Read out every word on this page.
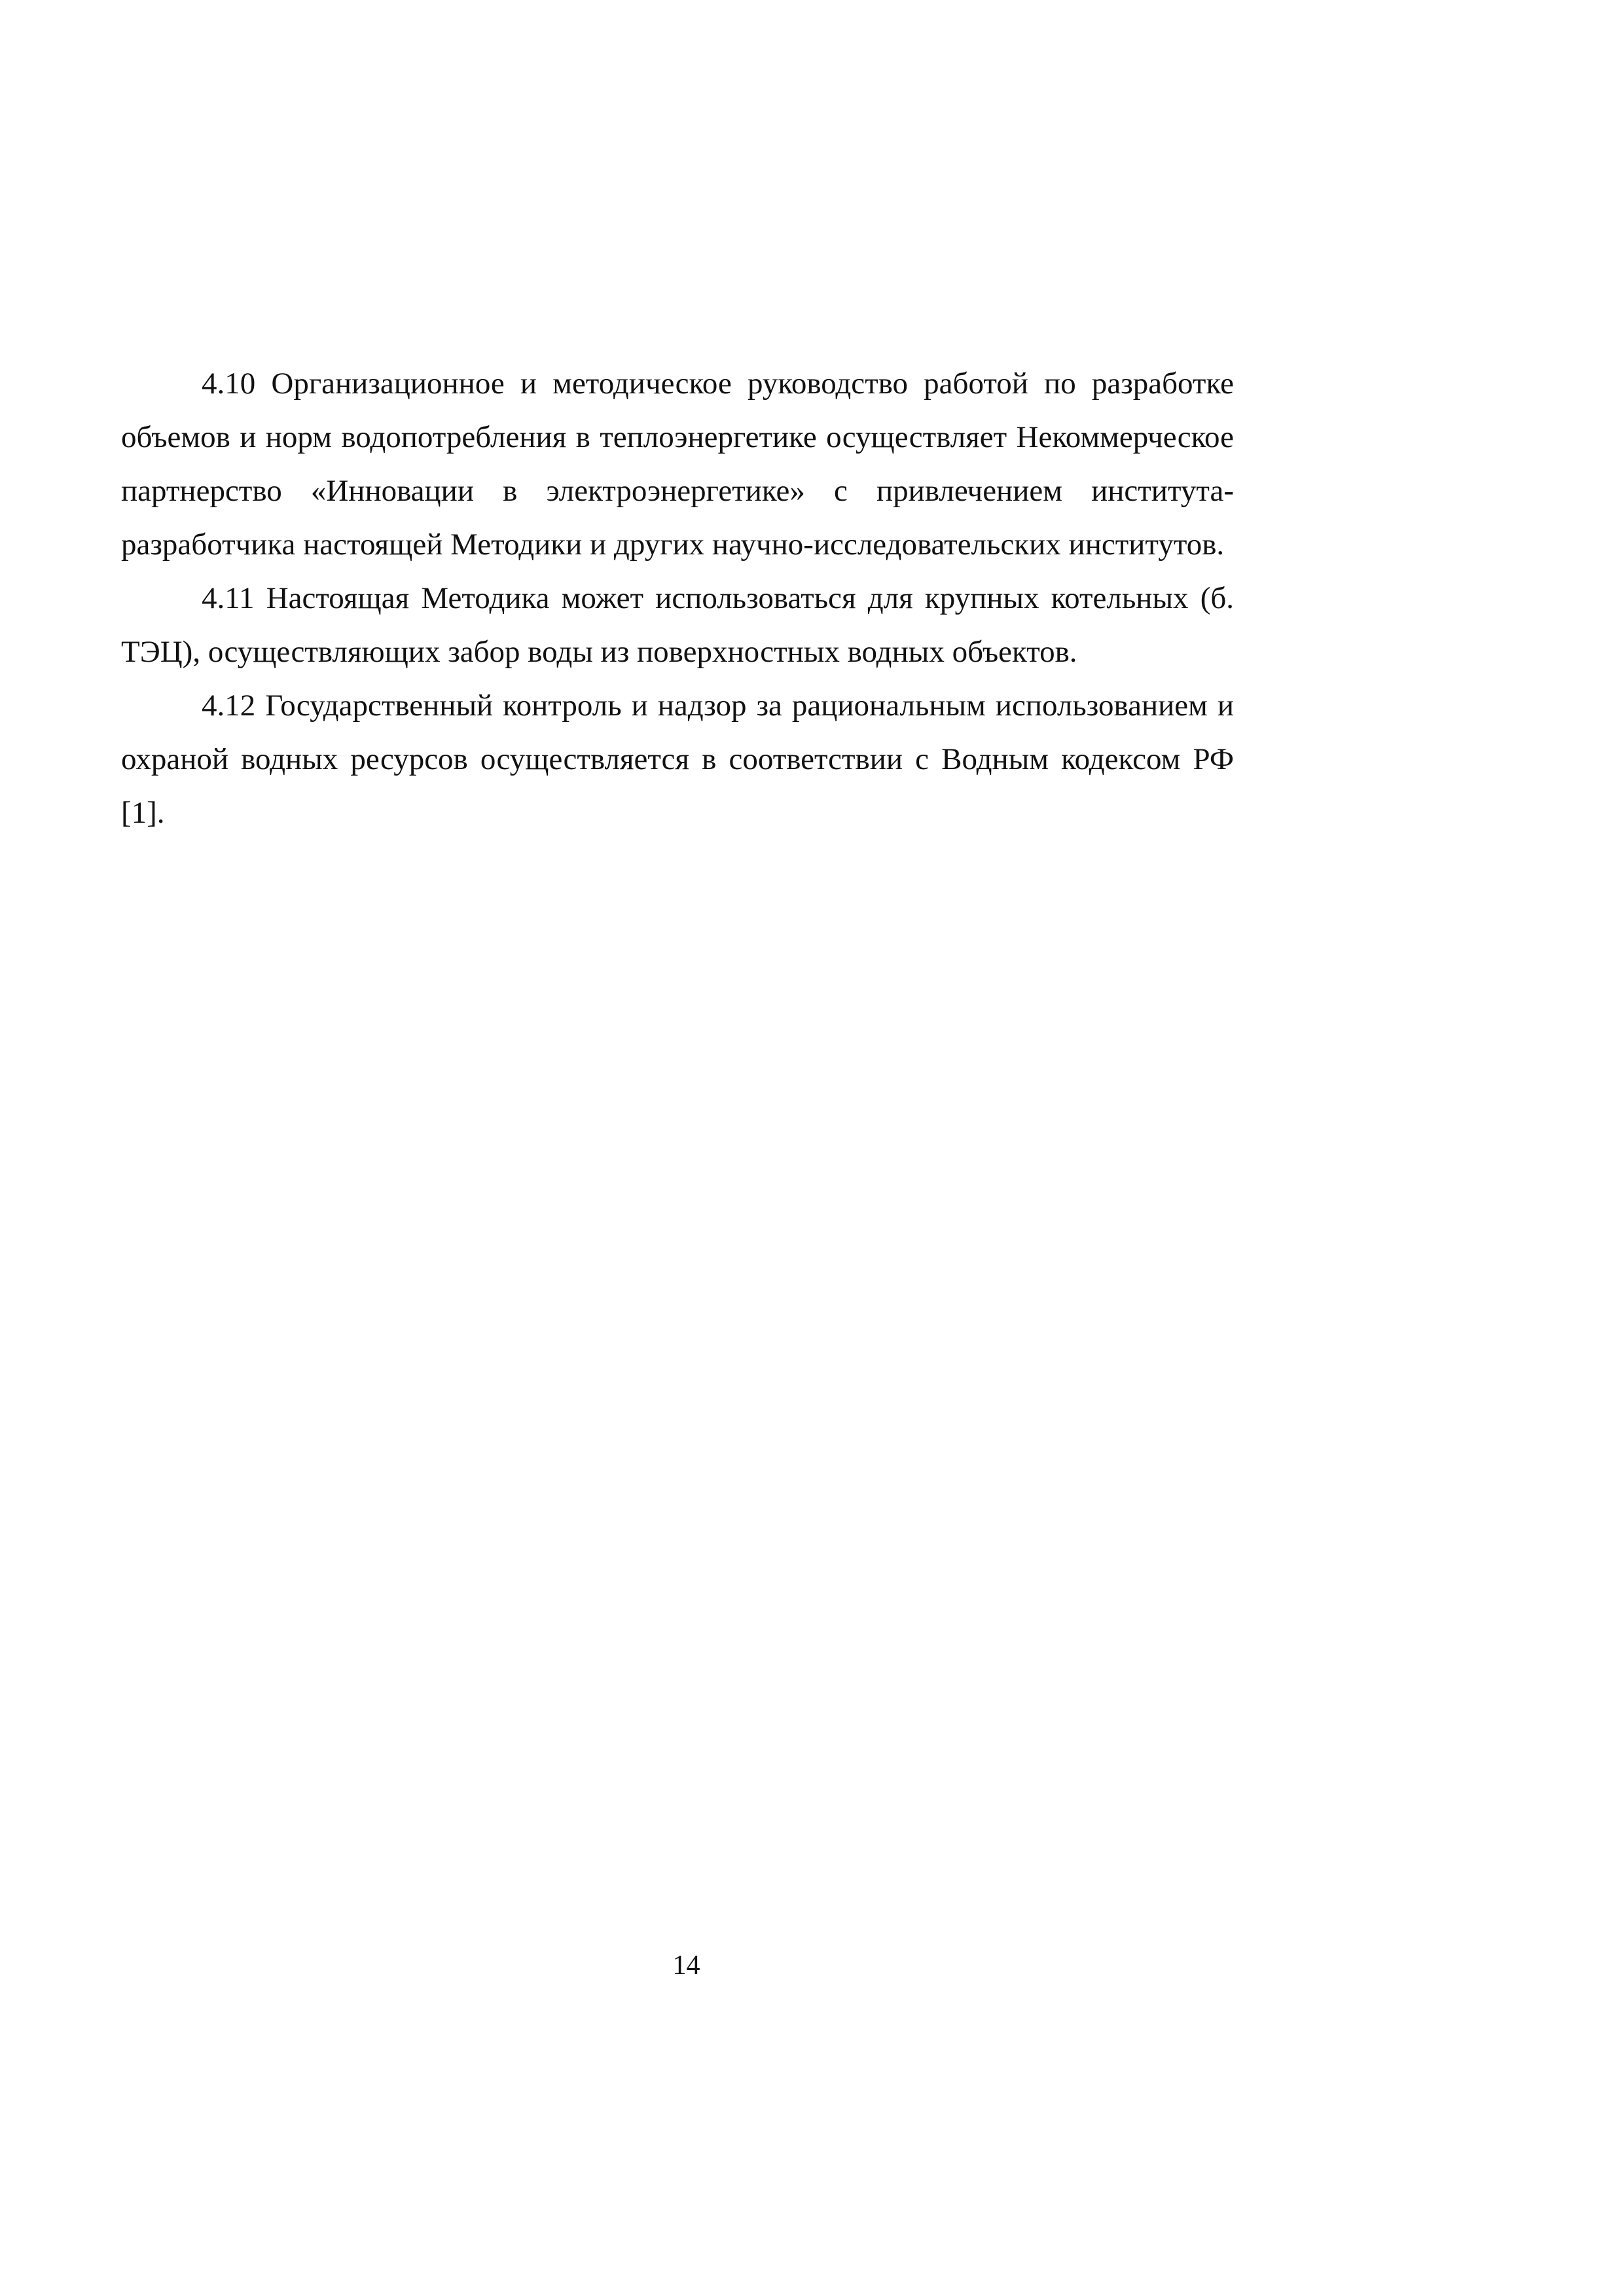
4.10 Организационное и методическое руководство работой по разработке объемов и норм водопотребления в теплоэнергетике осуществляет Некоммерческое партнерство «Инновации в электроэнергетике» с привлечением института-разработчика настоящей Методики и других научно-исследовательских институтов.

4.11 Настоящая Методика может использоваться для крупных котельных (б. ТЭЦ), осуществляющих забор воды из поверхностных водных объектов.

4.12 Государственный контроль и надзор за рациональным использованием и охраной водных ресурсов осуществляется в соответствии с Водным кодексом РФ [1].

14
